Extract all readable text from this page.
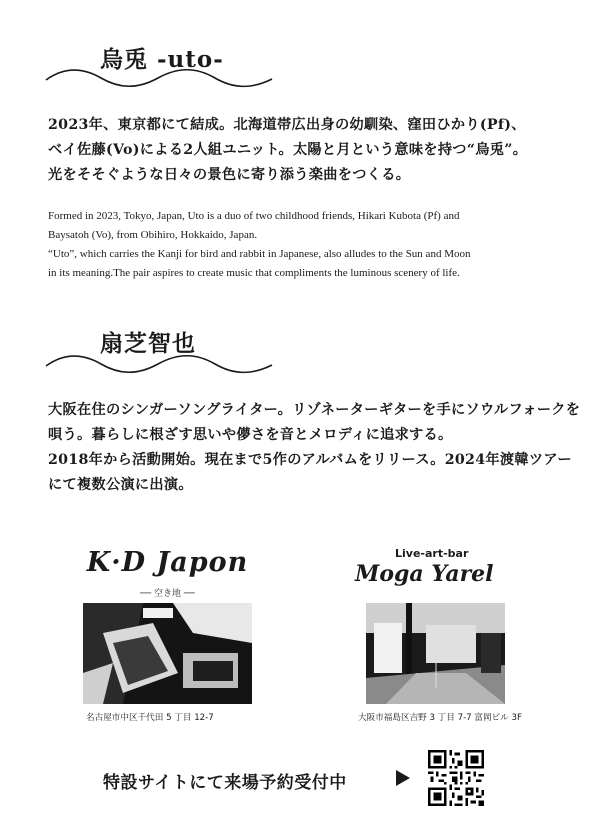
烏兎 -uto-
2023年、東京都にて結成。北海道帯広出身の幼馴染、窪田ひかり(Pf)、
ベイ佐藤(Vo)による2人組ユニット。太陽と月という意味を持つ“烏兎”。
光をそそぐような日々の景色に寄り添う楽曲をつくる。
Formed in 2023, Tokyo, Japan, Uto is a duo of two childhood friends, Hikari Kubota (Pf) and
Baysatoh (Vo), from Obihiro, Hokkaido, Japan.
“Uto”, which carries the Kanji for bird and rabbit in Japanese, also alludes to the Sun and Moon
in its meaning.The pair aspires to create music that compliments the luminous scenery of life.
扇芝智也
大阪在住のシンガーソングライター。リゾネーターギターを手にソウルフォークを
唄う。暮らしに根ざす思いや儚さを音とメロディに追求する。
2018年から活動開始。現在まで5作のアルバムをリリース。2024年渡韓ツアー
にて複数公演に出演。
K·D Japon
── 空き地 ──
名古屋市中区千代田 5 丁目 12-7
Live-art-bar
Moga Yarel
大阪市福島区吉野 3 丁目 7-7 富岡ビル 3F
特設サイトにて来場予約受付中
